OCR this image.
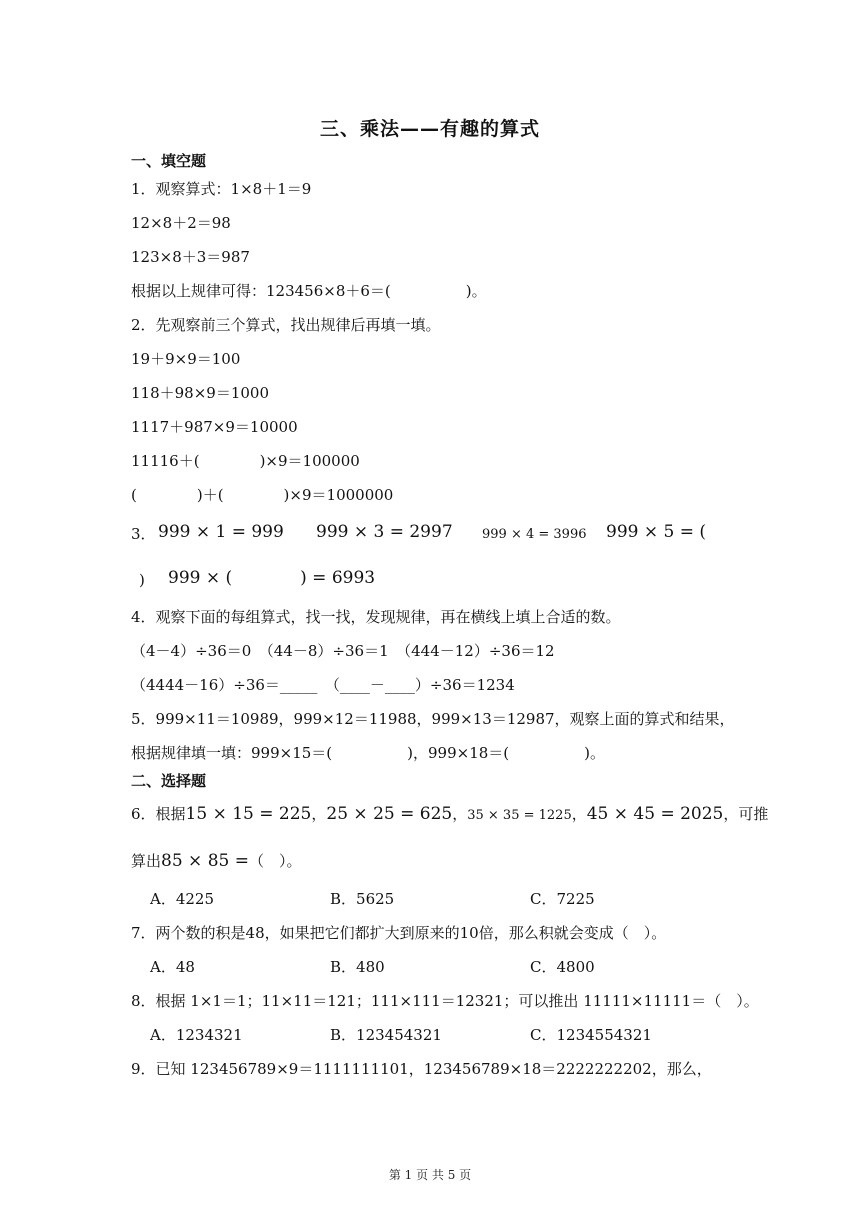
三、乘法——有趣的算式
一、填空题
1．观察算式：1×8＋1＝9
12×8＋2＝98
123×8＋3＝987
根据以上规律可得：123456×8＋6＝(　　　　　)。
2．先观察前三个算式，找出规律后再填一填。
19＋9×9＝100
118＋98×9＝1000
1117＋987×9＝10000
11116＋(　　　　)×9＝100000
(　　　　)＋(　　　　)×9＝1000000
3． 999 × 1 = 999 999 × 3 = 2997 999 × 4 = 3996 999 × 5 = (
) 999 × (　　　　) = 6993
4．观察下面的每组算式，找一找，发现规律，再在横线上填上合适的数。
（4－4）÷36＝0　（44－8）÷36＝1　（444－12）÷36＝12
（4444－16）÷36＝_____　（____－____）÷36＝1234
5．999×11＝10989，999×12＝11988，999×13＝12987，观察上面的算式和结果，
根据规律填一填：999×15＝(　　　　　)，999×18＝(　　　　　)。
二、选择题
6．根据15 × 15 = 225，25 × 25 = 625，35 × 35 = 1225，45 × 45 = 2025，可推
算出85 × 85 =（　）。
A．4225	B．5625	C．7225
7．两个数的积是48，如果把它们都扩大到原来的10倍，那么积就会变成（　）。
A．48	B．480	C．4800
8．根据 1×1＝1；11×11＝121；111×111＝12321；可以推出 11111×11111＝（　）。
A．1234321	B．123454321	C．1234554321
9．已知 123456789×9＝1111111101，123456789×18＝2222222202，那么，
第 1 页 共 5 页
